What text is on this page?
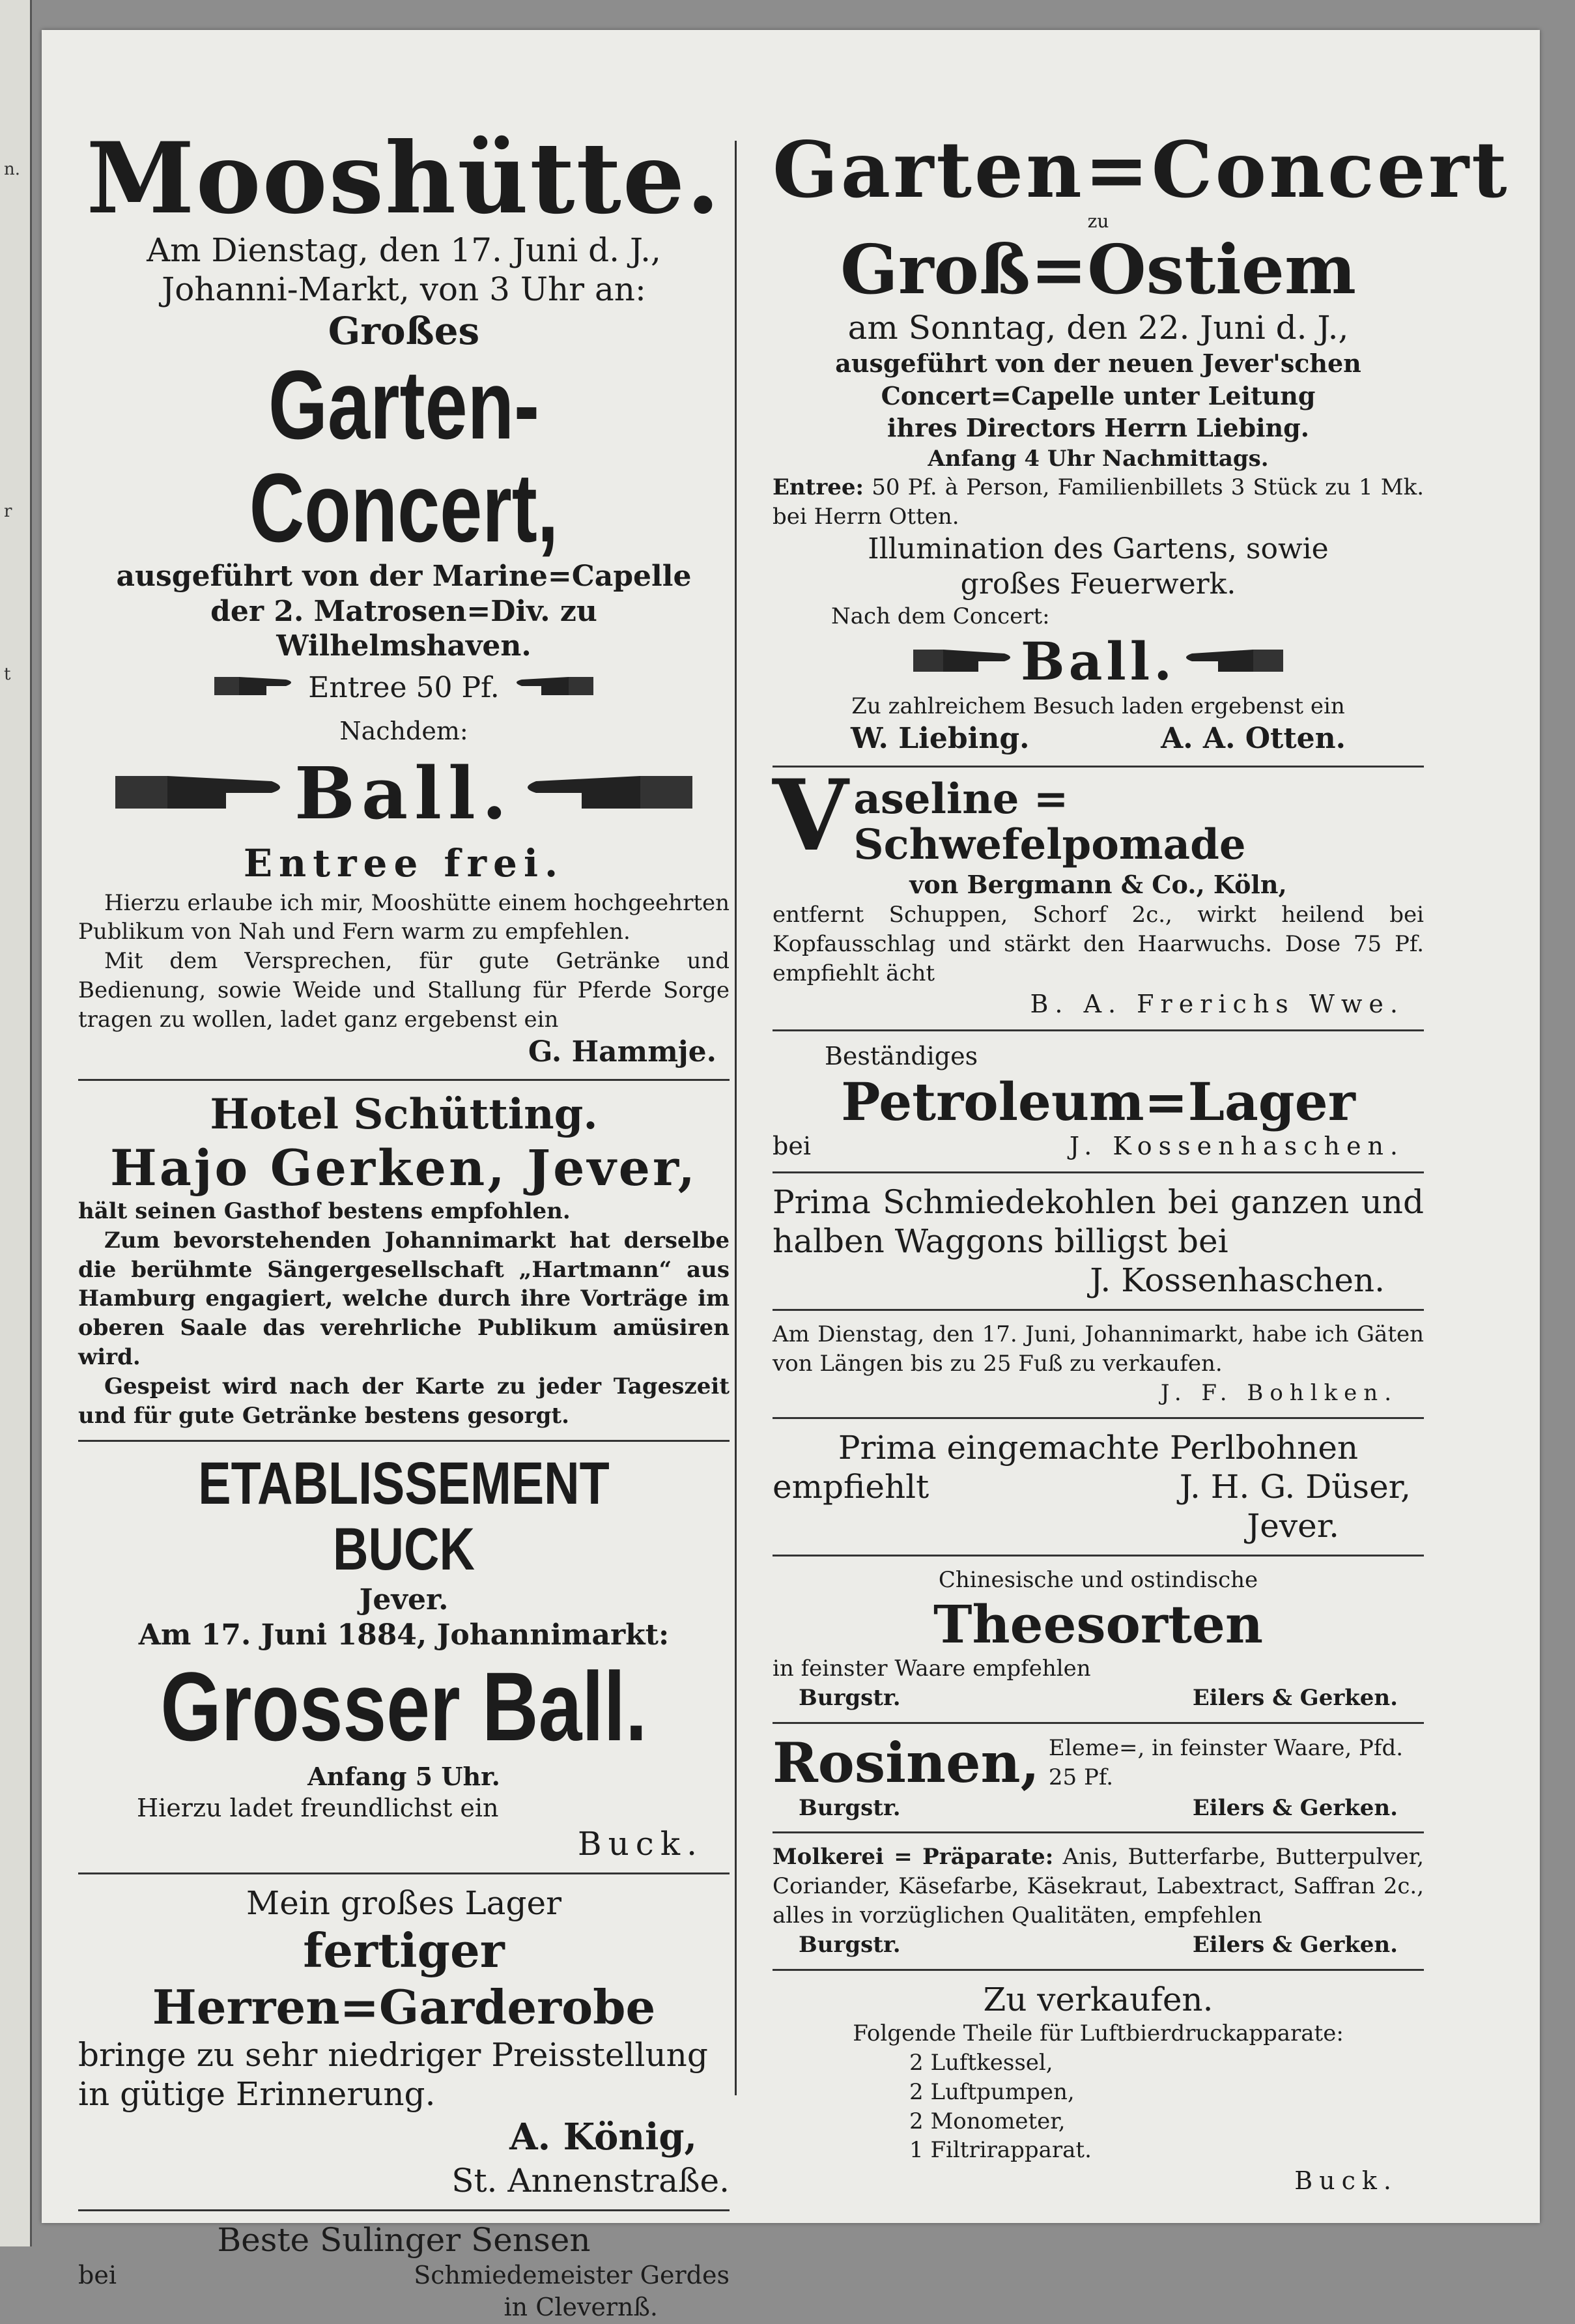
n.
r
t
Mooshütte.
Am Dienstag, den 17. Juni d. J.,
Johanni-Markt, von 3 Uhr an:
Großes
Garten-Concert,
ausgeführt von der Marine=Capelle
der 2. Matrosen=Div. zu Wilhelmshaven.
Entree 50 Pf.
Nachdem:
Ball.
Entree frei.
Hierzu erlaube ich mir, Mooshütte einem hochgeehrten Publikum von Nah und Fern warm zu empfehlen.
Mit dem Versprechen, für gute Getränke und Bedienung, sowie Weide und Stallung für Pferde Sorge tragen zu wollen, ladet ganz ergebenst ein
G. Hammje.
Hotel Schütting.
Hajo Gerken, Jever,
hält seinen Gasthof bestens empfohlen.
Zum bevorstehenden Johannimarkt hat derselbe die berühmte Sängergesellschaft „Hartmann“ aus Hamburg engagiert, welche durch ihre Vorträge im oberen Saale das verehrliche Publikum amüsiren wird.
Gespeist wird nach der Karte zu jeder Tageszeit und für gute Getränke bestens gesorgt.
ETABLISSEMENT BUCK
Jever.
Am 17. Juni 1884, Johannimarkt:
Grosser Ball.
Anfang 5 Uhr.
Hierzu ladet freundlichst ein
Buck.
Mein großes Lager
fertiger
Herren=Garderobe
bringe zu sehr niedriger Preisstellung in gütige Erinnerung.
A. König,
St. Annenstraße.
Beste Sulinger Sensen
bei	Schmiedemeister Gerdes
in Clevernß.
Garten=Concert
zu
Groß=Ostiem
am Sonntag, den 22. Juni d. J.,
ausgeführt von der neuen Jever'schen
Concert=Capelle unter Leitung
ihres Directors Herrn Liebing.
Anfang 4 Uhr Nachmittags.
Entree: 50 Pf. à Person, Familienbillets 3 Stück zu 1 Mk. bei Herrn Otten.
Illumination des Gartens, sowie
großes Feuerwerk.
Nach dem Concert:
Ball.
Zu zahlreichem Besuch laden ergebenst ein
W. Liebing.	A. A. Otten.
V aseline = Schwefelpomade
von Bergmann & Co., Köln,
entfernt Schuppen, Schorf 2c., wirkt heilend bei Kopfausschlag und stärkt den Haarwuchs. Dose 75 Pf. empfiehlt ächt
B. A. Frerichs Wwe.
Beständiges
Petroleum=Lager
bei	J. Kossenhaschen.
Prima Schmiedekohlen bei ganzen und halben Waggons billigst bei
J. Kossenhaschen.
Am Dienstag, den 17. Juni, Johannimarkt, habe ich Gäten von Längen bis zu 25 Fuß zu verkaufen.
J. F. Bohlken.
Prima eingemachte Perlbohnen
empfiehlt	J. H. G. Düser,
Jever.
Chinesische und ostindische
Theesorten
in feinster Waare empfehlen
Burgstr.	Eilers & Gerken.
Rosinen, Eleme=, in feinster Waare, Pfd.
25 Pf.
Burgstr.	Eilers & Gerken.
Molkerei = Präparate: Anis, Butterfarbe, Butterpulver, Coriander, Käsefarbe, Käsekraut, Labextract, Saffran 2c., alles in vorzüglichen Qualitäten, empfehlen
Burgstr.	Eilers & Gerken.
Zu verkaufen.
Folgende Theile für Luftbierdruckapparate:
2 Luftkessel,
2 Luftpumpen,
2 Monometer,
1 Filtrirapparat.
Buck.
